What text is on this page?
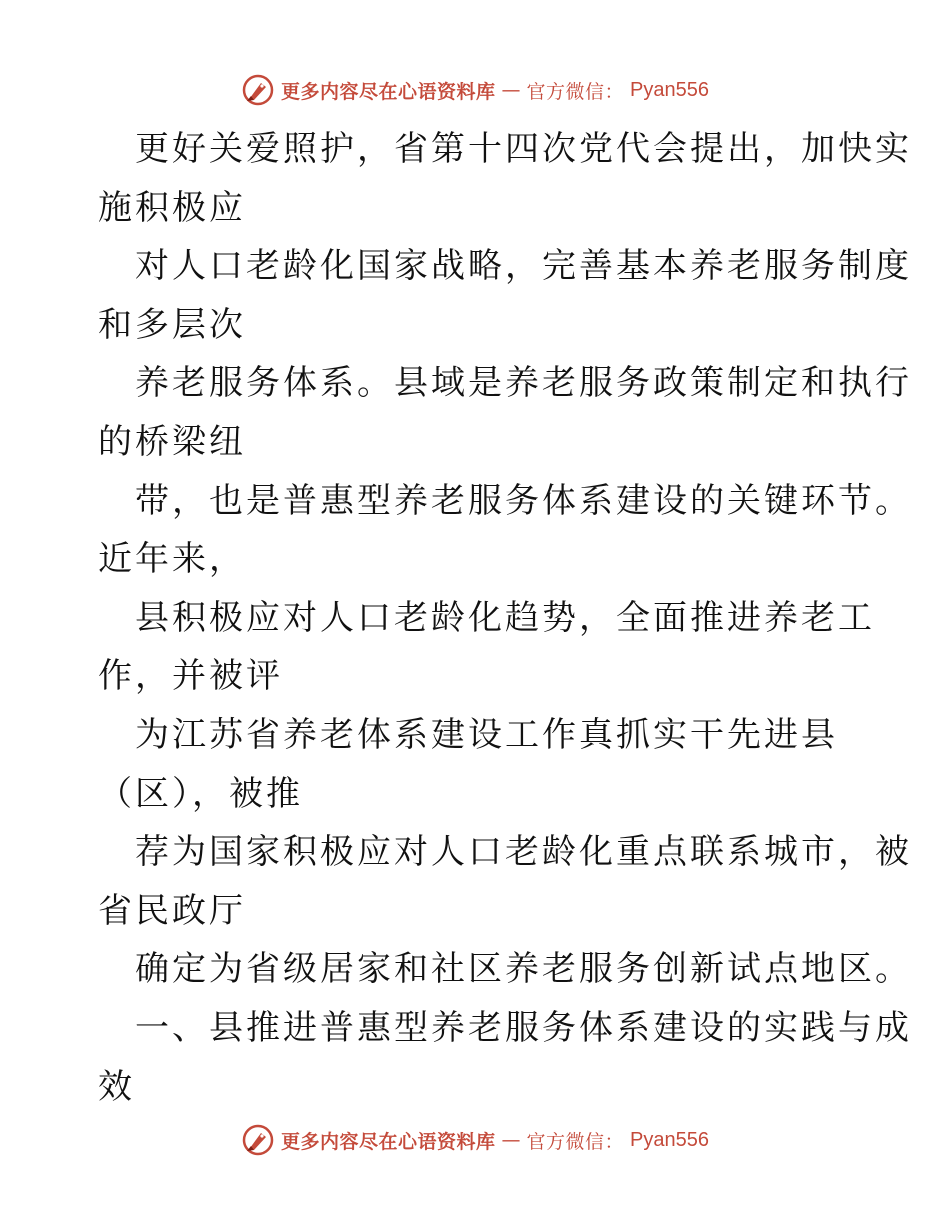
更多内容尽在心语资料库 — 官方微信： Pyan556
更好关爱照护，省第十四次党代会提出，加快实
施积极应
对人口老龄化国家战略，完善基本养老服务制度
和多层次
养老服务体系。县域是养老服务政策制定和执行
的桥梁纽
带，也是普惠型养老服务体系建设的关键环节。
近年来，
县积极应对人口老龄化趋势，全面推进养老工
作，并被评
为江苏省养老体系建设工作真抓实干先进县
（区），被推
荐为国家积极应对人口老龄化重点联系城市，被
省民政厅
确定为省级居家和社区养老服务创新试点地区。
一、县推进普惠型养老服务体系建设的实践与成
效
更多内容尽在心语资料库 — 官方微信： Pyan556
